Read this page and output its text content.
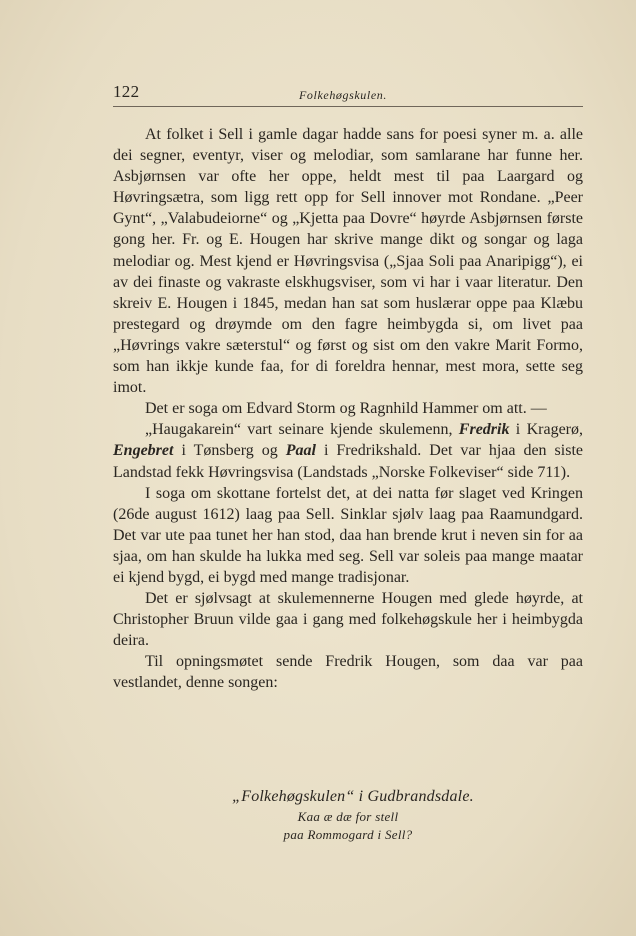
122	Folkehøgskulen.

At folket i Sell i gamle dagar hadde sans for poesi syner m. a. alle dei segner, eventyr, viser og melodiar, som samlarane har funne her. Asbjørnsen var ofte her oppe, heldt mest til paa Laargard og Høvringsætra, som ligg rett opp for Sell innover mot Rondane. „Peer Gynt“, „Valabudeiorne“ og „Kjetta paa Dovre“ høyrde Asbjørnsen første gong her. Fr. og E. Hougen har skrive mange dikt og songar og laga melodiar og. Mest kjend er Høvringsvisa („Sjaa Soli paa Anaripigg“), ei av dei finaste og vakraste elskhugsviser, som vi har i vaar literatur. Den skreiv E. Hougen i 1845, medan han sat som huslærar oppe paa Klæbu prestegard og drøymde om den fagre heimbygda si, om livet paa „Høvrings vakre sæterstul“ og først og sist om den vakre Marit Formo, som han ikkje kunde faa, for di foreldra hennar, mest mora, sette seg imot.

Det er soga om Edvard Storm og Ragnhild Hammer om att. —

„Haugakarein“ vart seinare kjende skulemenn, Fredrik i Kragerø, Engebret i Tønsberg og Paal i Fredrikshald. Det var hjaa den siste Landstad fekk Høvringsvisa (Landstads „Norske Folkeviser“ side 711).

I soga om skottane fortelst det, at dei natta før slaget ved Kringen (26de august 1612) laag paa Sell. Sinklar sjølv laag paa Raamundgard. Det var ute paa tunet her han stod, daa han brende krut i neven sin for aa sjaa, om han skulde ha lukka med seg. Sell var soleis paa mange maatar ei kjend bygd, ei bygd med mange tradisjonar.

Det er sjølvsagt at skulemennerne Hougen med glede høyrde, at Christopher Bruun vilde gaa i gang med folkehøgskule her i heimbygda deira.

Til opningsmøtet sende Fredrik Hougen, som daa var paa vestlandet, denne songen:

„Folkehøgskulen“ i Gudbrandsdale.
Kaa æ dæ for stell
paa Rommogard i Sell?
